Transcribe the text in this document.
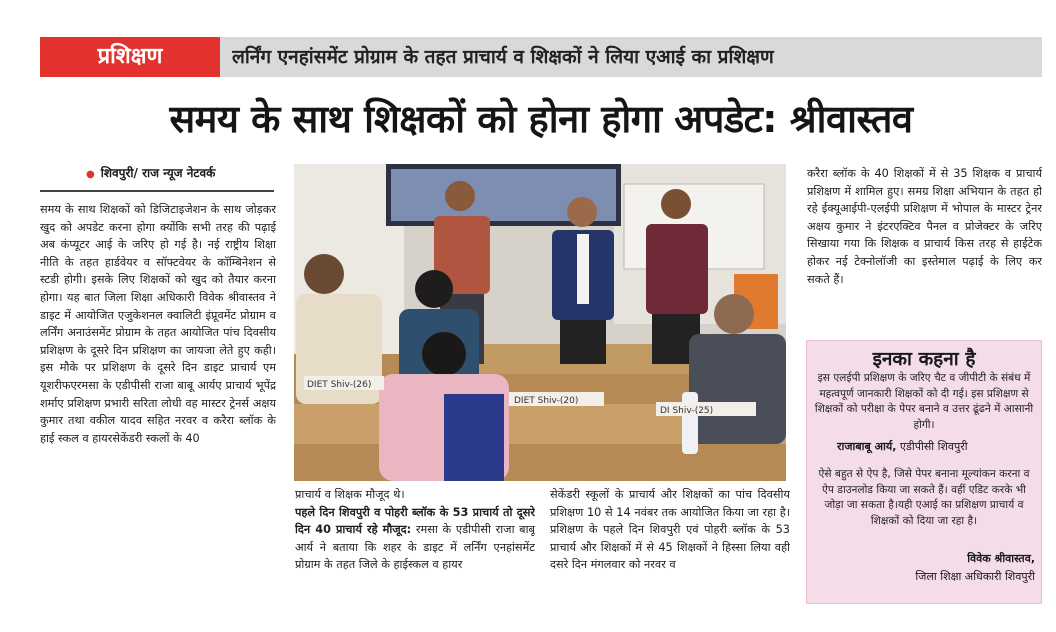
प्रशिक्षण	लर्निंग एनहांसमेंट प्रोग्राम के तहत प्राचार्य व शिक्षकों ने लिया एआई का प्रशिक्षण
समय के साथ शिक्षकों को होना होगा अपडेट: श्रीवास्तव
● शिवपुरी/ राज न्यूज नेटवर्क

समय के साथ शिक्षकों को डिजिटाइजेशन के साथ जोड़कर खुद को अपडेट करना होगा क्योंकि सभी तरह की पढ़ाई अब कंप्यूटर आई के जरिए हो गई है। नई राष्ट्रीय शिक्षा नीति के तहत हार्डवेयर व सॉफ्टवेयर के कॉम्बिनेशन से स्टडी होगी। इसके लिए शिक्षकों को खुद को तैयार करना होगा। यह बात जिला शिक्षा अधिकारी विवेक श्रीवास्तव ने डाइट में आयोजित एजुकेशनल क्वालिटी इंप्रूवमेंट प्रोग्राम व लर्निंग अनाउंसमेंट प्रोग्राम के तहत आयोजित पांच दिवसीय प्रशिक्षण के दूसरे दिन प्रशिक्षण का जायजा लेते हुए कही। इस मौके पर प्रशिक्षण के दूसरे दिन डाइट प्राचार्य एम यूशरीफएरमसा के एडीपीसी राजा बाबू आर्यए प्राचार्य भूपेंद्र शर्माए प्रशिक्षण प्रभारी सरिता लोधी वह मास्टर ट्रेनर्स अक्षय कुमार तथा वकील यादव सहित नरवर व करैरा ब्लॉक के हाई स्कल व हायरसेकेंडरी स्कलों के 40

DIET Shiv-(26)
DIET Shiv-(20)
DI Shiv-(25)

प्राचार्य व शिक्षक मौजूद थे।

पहले दिन शिवपुरी व पोहरी ब्लॉक के 53 प्राचार्य तो दूसरे दिन 40 प्राचार्य रहे मौजूद: रमसा के एडीपीसी राजा बाबू आर्य ने बताया कि शहर के डाइट में लर्निंग एनहांसमेंट प्रोग्राम के तहत जिले के हाईस्कल व हायर

सेकेंडरी स्कूलों के प्राचार्य और शिक्षकों का पांच दिवसीय प्रशिक्षण 10 से 14 नवंबर तक आयोजित किया जा रहा है। प्रशिक्षण के पहले दिन शिवपुरी एवं पोहरी ब्लॉक के 53 प्राचार्य और शिक्षकों में से 45 शिक्षकों ने हिस्सा लिया वही दसरे दिन मंगलवार को नरवर व

करैरा ब्लॉक के 40 शिक्षकों में से 35 शिक्षक व प्राचार्य प्रशिक्षण में शामिल हुए। समग्र शिक्षा अभियान के तहत हो रहे ईक्यूआईपी-एलईपी प्रशिक्षण में भोपाल के मास्टर ट्रेनर अक्षय कुमार ने इंटरएक्टिव पैनल व प्रोजेक्टर के जरिए सिखाया गया कि शिक्षक व प्राचार्य किस तरह से हाईटेक होकर नई टेक्नोलॉजी का इस्तेमाल पढ़ाई के लिए कर सकते हैं।

इनका कहना है
इस एलईपी प्रशिक्षण के जरिए चैट व जीपीटी के संबंध में महत्वपूर्ण जानकारी शिक्षकों को दी गई। इस प्रशिक्षण से शिक्षकों को परीक्षा के पेपर बनाने व उत्तर ढूंढने में आसानी होगी।
राजाबाबू आर्य, एडीपीसी शिवपुरी
ऐसे बहुत से ऐप है, जिसे पेपर बनाना मूल्यांकन करना व ऐप डाउनलोड किया जा सकते हैं। वहीं एडिट करके भी जोड़ा जा सकता है।यही एआई का प्रशिक्षण प्राचार्य व शिक्षकों को दिया जा रहा है।
विवेक श्रीवास्तव,
जिला शिक्षा अधिकारी शिवपुरी
